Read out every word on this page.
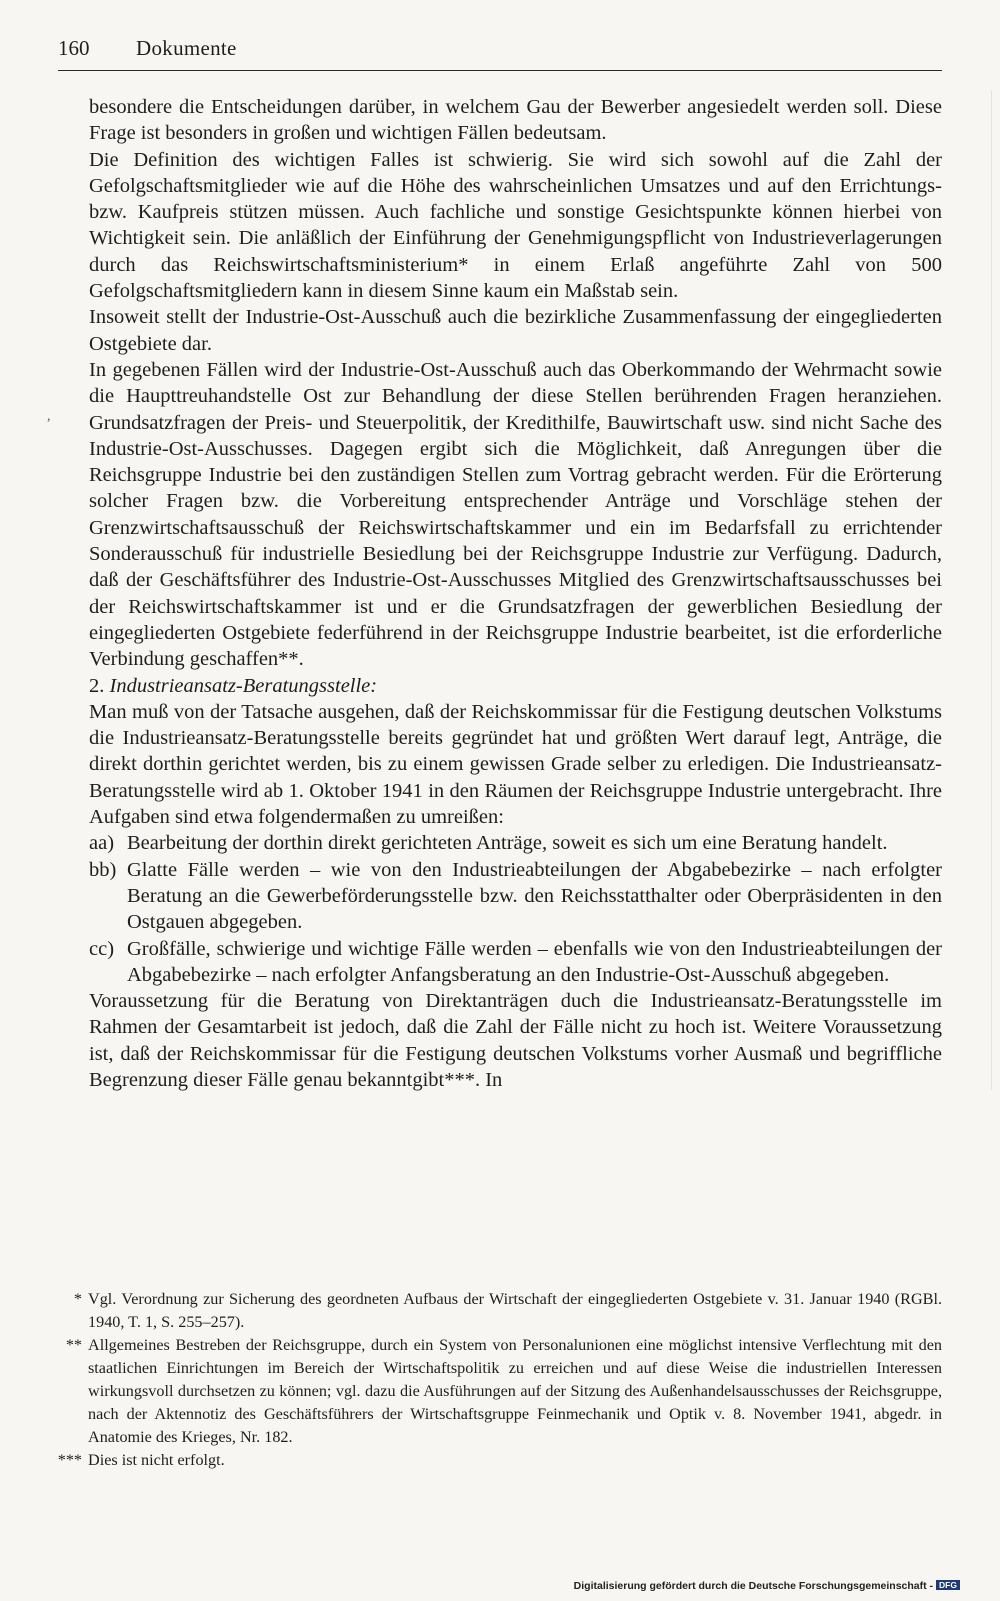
160 Dokumente
,

besondere die Entscheidungen darüber, in welchem Gau der Bewerber angesiedelt werden soll. Diese Frage ist besonders in großen und wichtigen Fällen bedeutsam.

Die Definition des wichtigen Falles ist schwierig. Sie wird sich sowohl auf die Zahl der Gefolgschaftsmitglieder wie auf die Höhe des wahrscheinlichen Umsatzes und auf den Errichtungs- bzw. Kaufpreis stützen müssen. Auch fachliche und sonstige Gesichtspunkte können hierbei von Wichtigkeit sein. Die anläßlich der Einführung der Genehmigungspflicht von Industrieverlagerungen durch das Reichswirtschaftsministerium* in einem Erlaß angeführte Zahl von 500 Gefolgschaftsmitgliedern kann in diesem Sinne kaum ein Maßstab sein.

Insoweit stellt der Industrie-Ost-Ausschuß auch die bezirkliche Zusammenfassung der eingegliederten Ostgebiete dar.

In gegebenen Fällen wird der Industrie-Ost-Ausschuß auch das Oberkommando der Wehrmacht sowie die Haupttreuhandstelle Ost zur Behandlung der diese Stellen berührenden Fragen heranziehen. Grundsatzfragen der Preis- und Steuerpolitik, der Kredithilfe, Bauwirtschaft usw. sind nicht Sache des Industrie-Ost-Ausschusses. Dagegen ergibt sich die Möglichkeit, daß Anregungen über die Reichsgruppe Industrie bei den zuständigen Stellen zum Vortrag gebracht werden. Für die Erörterung solcher Fragen bzw. die Vorbereitung entsprechender Anträge und Vorschläge stehen der Grenzwirtschaftsausschuß der Reichswirtschaftskammer und ein im Bedarfsfall zu errichtender Sonderausschuß für industrielle Besiedlung bei der Reichsgruppe Industrie zur Verfügung. Dadurch, daß der Geschäftsführer des Industrie-Ost-Ausschusses Mitglied des Grenzwirtschaftsausschusses bei der Reichswirtschaftskammer ist und er die Grundsatzfragen der gewerblichen Besiedlung der eingegliederten Ostgebiete federführend in der Reichsgruppe Industrie bearbeitet, ist die erforderliche Verbindung geschaffen**.

2. Industrieansatz-Beratungsstelle:

Man muß von der Tatsache ausgehen, daß der Reichskommissar für die Festigung deutschen Volkstums die Industrieansatz-Beratungsstelle bereits gegründet hat und größten Wert darauf legt, Anträge, die direkt dorthin gerichtet werden, bis zu einem gewissen Grade selber zu erledigen. Die Industrieansatz-Beratungsstelle wird ab 1. Oktober 1941 in den Räumen der Reichsgruppe Industrie untergebracht. Ihre Aufgaben sind etwa folgendermaßen zu umreißen:

aa) Bearbeitung der dorthin direkt gerichteten Anträge, soweit es sich um eine Beratung handelt.

bb) Glatte Fälle werden – wie von den Industrieabteilungen der Abgabebezirke – nach erfolgter Beratung an die Gewerbeförderungsstelle bzw. den Reichsstatthalter oder Oberpräsidenten in den Ostgauen abgegeben.

cc) Großfälle, schwierige und wichtige Fälle werden – ebenfalls wie von den Industrieabteilungen der Abgabebezirke – nach erfolgter Anfangsberatung an den Industrie-Ost-Ausschuß abgegeben.

Voraussetzung für die Beratung von Direktanträgen duch die Industrieansatz-Beratungsstelle im Rahmen der Gesamtarbeit ist jedoch, daß die Zahl der Fälle nicht zu hoch ist. Weitere Voraussetzung ist, daß der Reichskommissar für die Festigung deutschen Volkstums vorher Ausmaß und begriffliche Begrenzung dieser Fälle genau bekanntgibt***. In

* Vgl. Verordnung zur Sicherung des geordneten Aufbaus der Wirtschaft der eingegliederten Ostgebiete v. 31. Januar 1940 (RGBl. 1940, T. 1, S. 255–257).

** Allgemeines Bestreben der Reichsgruppe, durch ein System von Personalunionen eine möglichst intensive Verflechtung mit den staatlichen Einrichtungen im Bereich der Wirtschaftspolitik zu erreichen und auf diese Weise die industriellen Interessen wirkungsvoll durchsetzen zu können; vgl. dazu die Ausführungen auf der Sitzung des Außenhandelsausschusses der Reichsgruppe, nach der Aktennotiz des Geschäftsführers der Wirtschaftsgruppe Feinmechanik und Optik v. 8. November 1941, abgedr. in Anatomie des Krieges, Nr. 182.

*** Dies ist nicht erfolgt.

Digitalisierung gefördert durch die Deutsche Forschungsgemeinschaft - DFG
